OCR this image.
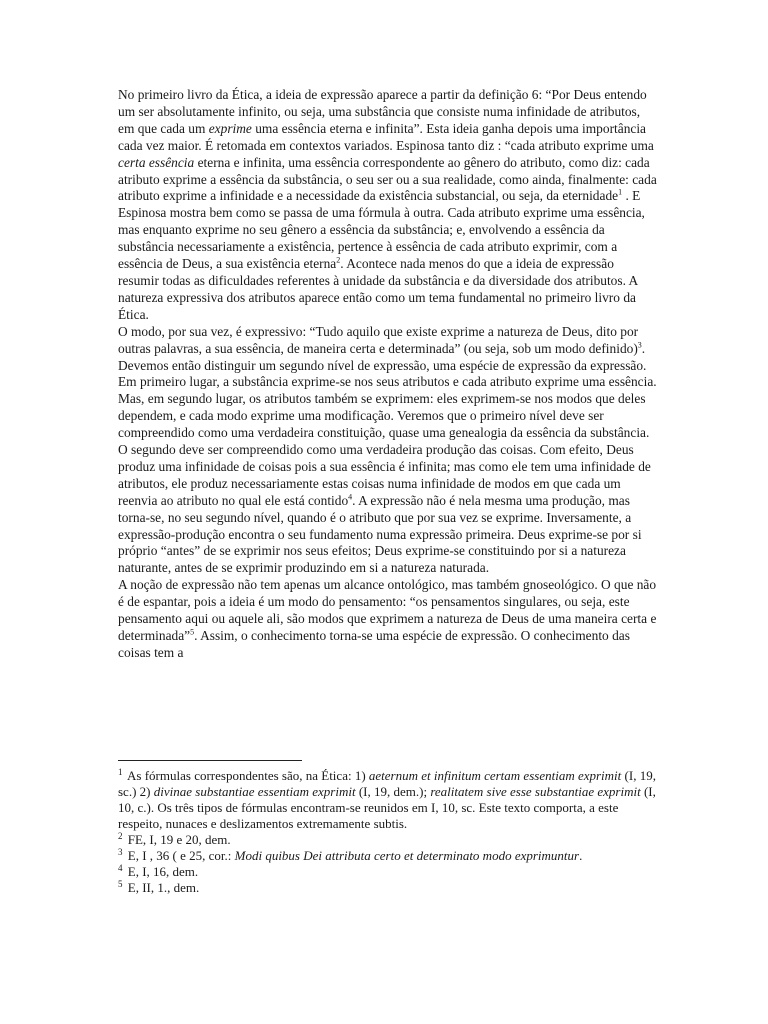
No primeiro livro da Ética, a ideia de expressão aparece a partir da definição 6: “Por Deus entendo um ser absolutamente infinito, ou seja, uma substância que consiste numa infinidade de atributos, em que cada um exprime uma essência eterna e infinita”. Esta ideia ganha depois uma importância cada vez maior. É retomada em contextos variados. Espinosa tanto diz : “cada atributo exprime uma certa essência eterna e infinita, uma essência correspondente ao gênero do atributo, como diz: cada atributo exprime a essência da substância, o seu ser ou a sua realidade, como ainda, finalmente: cada atributo exprime a infinidade e a necessidade da existência substancial, ou seja, da eternidade$^1$ . E Espinosa mostra bem como se passa de uma fórmula à outra. Cada atributo exprime uma essência, mas enquanto exprime no seu gênero a essência da substância; e, envolvendo a essência da substância necessariamente a existência, pertence à essência de cada atributo exprimir, com a essência de Deus, a sua existência eterna$^2$. Acontece nada menos do que a ideia de expressão resumir todas as dificuldades referentes à unidade da substância e da diversidade dos atributos. A natureza expressiva dos atributos aparece então como um tema fundamental no primeiro livro da Ética.

O modo, por sua vez, é expressivo: “Tudo aquilo que existe exprime a natureza de Deus, dito por outras palavras, a sua essência, de maneira certa e determinada” (ou seja, sob um modo definido)$^3$. Devemos então distinguir um segundo nível de expressão, uma espécie de expressão da expressão. Em primeiro lugar, a substância exprime-se nos seus atributos e cada atributo exprime uma essência. Mas, em segundo lugar, os atributos também se exprimem: eles exprimem-se nos modos que deles dependem, e cada modo exprime uma modificação. Veremos que o primeiro nível deve ser compreendido como uma verdadeira constituição, quase uma genealogia da essência da substância. O segundo deve ser compreendido como uma verdadeira produção das coisas. Com efeito, Deus produz uma infinidade de coisas pois a sua essência é infinita; mas como ele tem uma infinidade de atributos, ele produz necessariamente estas coisas numa infinidade de modos em que cada um reenvia ao atributo no qual ele está contido$^4$. A expressão não é nela mesma uma produção, mas torna-se, no seu segundo nível, quando é o atributo que por sua vez se exprime. Inversamente, a expressão-produção encontra o seu fundamento numa expressão primeira. Deus exprime-se por si próprio “antes” de se exprimir nos seus efeitos; Deus exprime-se constituindo por si a natureza naturante, antes de se exprimir produzindo em si a natureza naturada.

A noção de expressão não tem apenas um alcance ontológico, mas também gnoseológico. O que não é de espantar, pois a ideia é um modo do pensamento: “os pensamentos singulares, ou seja, este pensamento aqui ou aquele ali, são modos que exprimem a natureza de Deus de uma maneira certa e determinada”$^5$. Assim, o conhecimento torna-se uma espécie de expressão. O conhecimento das coisas tem a

$^1$ As fórmulas correspondentes são, na Ética: 1) aeternum et infinitum certam essentiam exprimit (I, 19, sc.) 2) divinae substantiae essentiam exprimit (I, 19, dem.); realitatem sive esse substantiae exprimit (I, 10, c.). Os três tipos de fórmulas encontram-se reunidos em I, 10, sc. Este texto comporta, a este respeito, nunaces e deslizamentos extremamente subtis.

$^2$ FE, I, 19 e 20, dem.

$^3$ E, I , 36 ( e 25, cor.: Modi quibus Dei attributa certo et determinato modo exprimuntur.

$^4$ E, I, 16, dem.

$^5$ E, II, 1., dem.
